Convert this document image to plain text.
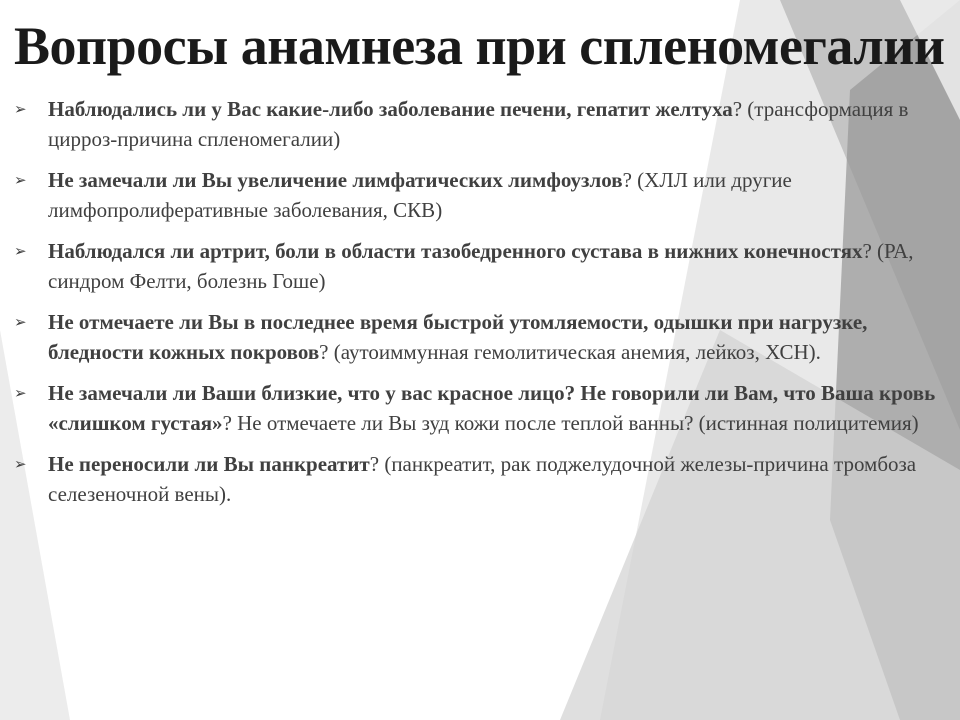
Вопросы анамнеза при спленомегалии
➢ Наблюдались ли у Вас какие-либо заболевание печени, гепатит желтуха? (трансформация в цирроз-причина спленомегалии)
➢ Не замечали ли Вы увеличение лимфатических лимфоузлов? (ХЛЛ или другие лимфопролиферативные заболевания, СКВ)
➢ Наблюдался ли артрит, боли в области тазобедренного сустава в нижних конечностях? (РА, синдром Фелти, болезнь Гоше)
➢ Не отмечаете ли Вы в последнее время быстрой утомляемости, одышки при нагрузке, бледности кожных покровов? (аутоиммунная гемолитическая анемия, лейкоз, ХСН).
➢ Не замечали ли Ваши близкие, что у вас красное лицо? Не говорили ли Вам, что Ваша кровь «слишком густая»? Не отмечаете ли Вы зуд кожи после теплой ванны? (истинная полицитемия)
➢ Не переносили ли Вы панкреатит? (панкреатит, рак поджелудочной железы-причина тромбоза селезеночной вены).
